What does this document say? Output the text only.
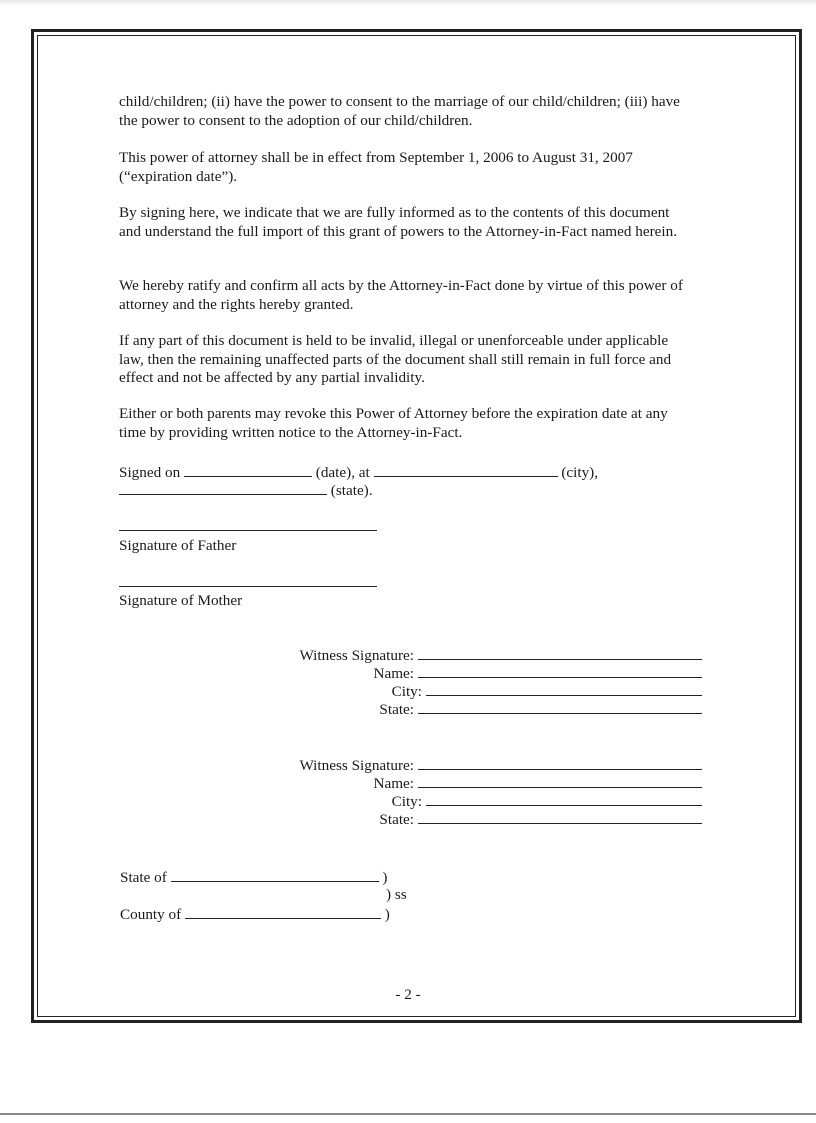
child/children; (ii) have the power to consent to the marriage of our child/children; (iii) have the power to consent to the adoption of our child/children.

This power of attorney shall be in effect from September 1, 2006 to August 31, 2007 (“expiration date”).

By signing here, we indicate that we are fully informed as to the contents of this document and understand the full import of this grant of powers to the Attorney-in-Fact named herein.

We hereby ratify and confirm all acts by the Attorney-in-Fact done by virtue of this power of attorney and the rights hereby granted.

If any part of this document is held to be invalid, illegal or unenforceable under applicable law, then the remaining unaffected parts of the document shall still remain in full force and effect and not be affected by any partial invalidity.

Either or both parents may revoke this Power of Attorney before the expiration date at any time by providing written notice to the Attorney-in-Fact.

Signed on	(date), at	(city),
(state).
Signature of Father
Signature of Mother
Witness Signature:
Name:
City:
State:
Witness Signature:
Name:
City:
State:
State of	)
) ss
County of	)
- 2 -
